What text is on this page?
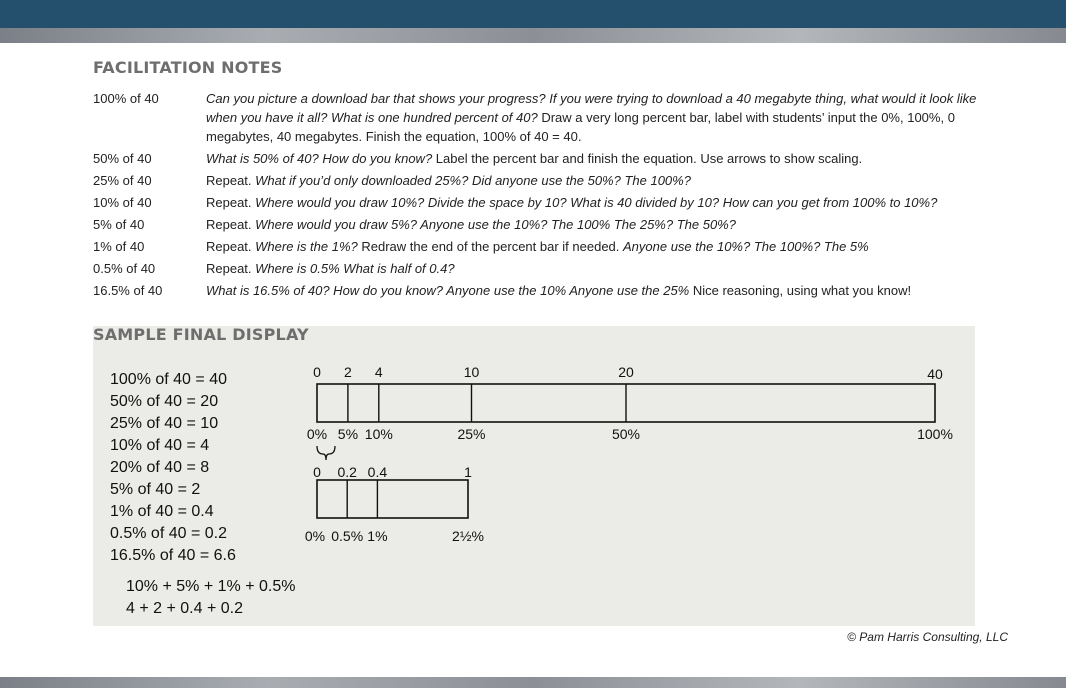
FACILITATION NOTES
100% of 40	Can you picture a download bar that shows your progress? If you were trying to download a 40 megabyte thing, what would it look like when you have it all? What is one hundred percent of 40? Draw a very long percent bar, label with students’ input the 0%, 100%, 0 megabytes, 40 megabytes. Finish the equation, 100% of 40 = 40.
50% of 40	What is 50% of 40? How do you know? Label the percent bar and finish the equation. Use arrows to show scaling.
25% of 40	Repeat. What if you’d only downloaded 25%? Did anyone use the 50%? The 100%?
10% of 40	Repeat. Where would you draw 10%? Divide the space by 10? What is 40 divided by 10? How can you get from 100% to 10%?
5% of 40	Repeat. Where would you draw 5%? Anyone use the 10%? The 100% The 25%? The 50%?
1% of 40	Repeat. Where is the 1%? Redraw the end of the percent bar if needed. Anyone use the 10%? The 100%? The 5%
0.5% of 40	Repeat. Where is 0.5% What is half of 0.4?
16.5% of 40	What is 16.5% of 40? How do you know? Anyone use the 10% Anyone use the 25% Nice reasoning, using what you know!
100% of 40 = 40
50% of 40 = 20
25% of 40 = 10
10% of 40 = 4
20% of 40 = 8
5% of 40 = 2
1% of 40 = 0.4
0.5% of 40 = 0.2
16.5% of 40 = 6.6
10% + 5% + 1% + 0.5%
4 + 2 + 0.4 + 0.2
0
0%
2
5%
4
10%
10
25%
20
50%
40
100%
0
0%
0.2
0.5%
0.4
1%
1
2½%
SAMPLE FINAL DISPLAY
© Pam Harris Consulting, LLC
